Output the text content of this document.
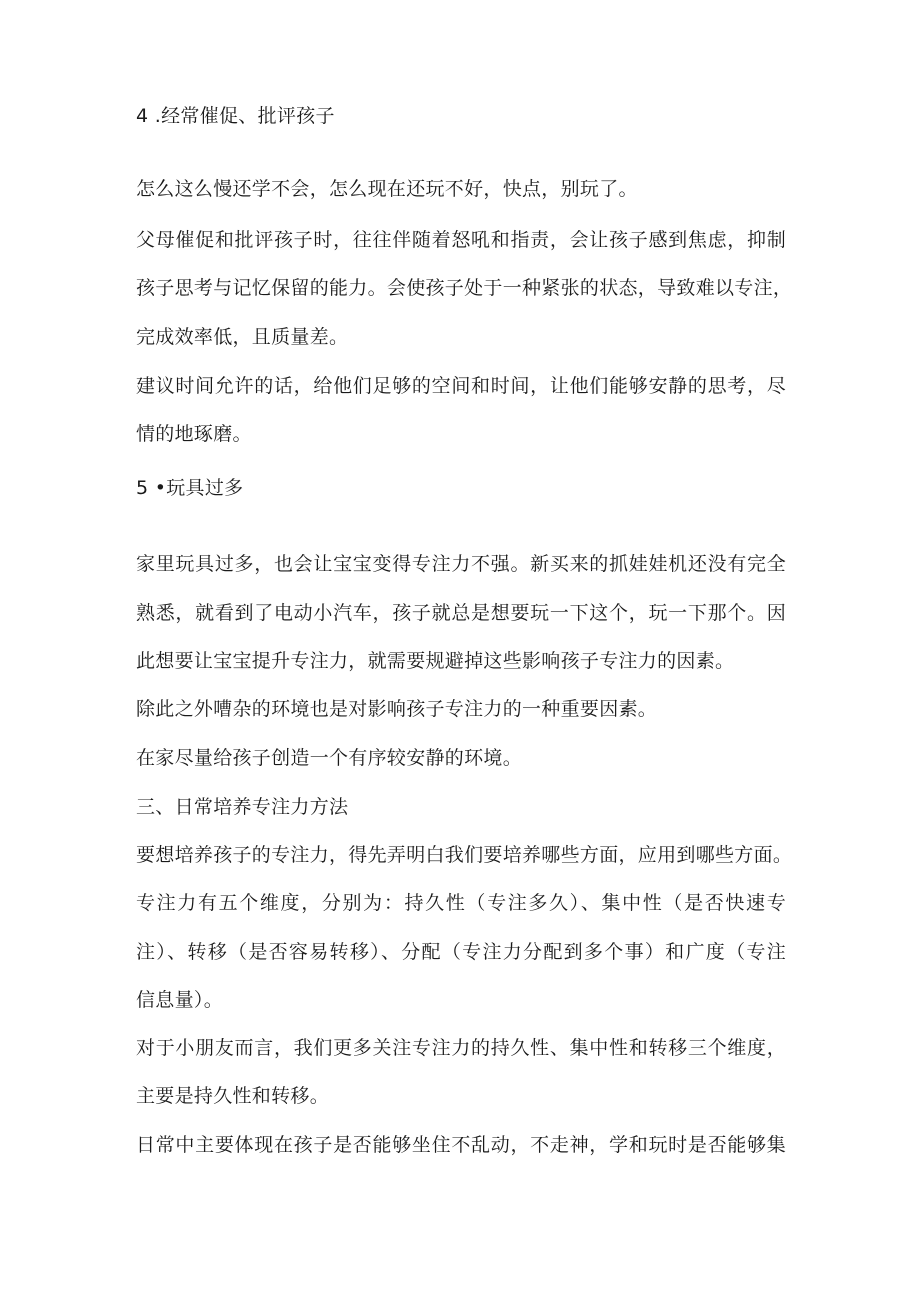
4 .经常催促、批评孩子
怎么这么慢还学不会，怎么现在还玩不好，快点，别玩了。
父母催促和批评孩子时，往往伴随着怒吼和指责，会让孩子感到焦虑，抑制
孩子思考与记忆保留的能力。会使孩子处于一种紧张的状态，导致难以专注，
完成效率低，且质量差。
建议时间允许的话，给他们足够的空间和时间，让他们能够安静的思考，尽
情的地琢磨。
5 •玩具过多
家里玩具过多，也会让宝宝变得专注力不强。新买来的抓娃娃机还没有完全
熟悉，就看到了电动小汽车，孩子就总是想要玩一下这个，玩一下那个。因
此想要让宝宝提升专注力，就需要规避掉这些影响孩子专注力的因素。
除此之外嘈杂的环境也是对影响孩子专注力的一种重要因素。
在家尽量给孩子创造一个有序较安静的环境。
三、日常培养专注力方法
要想培养孩子的专注力，得先弄明白我们要培养哪些方面，应用到哪些方面。
专注力有五个维度，分别为：持久性（专注多久）、集中性（是否快速专
注）、转移（是否容易转移）、分配（专注力分配到多个事）和广度（专注
信息量）。
对于小朋友而言，我们更多关注专注力的持久性、集中性和转移三个维度，
主要是持久性和转移。
日常中主要体现在孩子是否能够坐住不乱动，不走神，学和玩时是否能够集
